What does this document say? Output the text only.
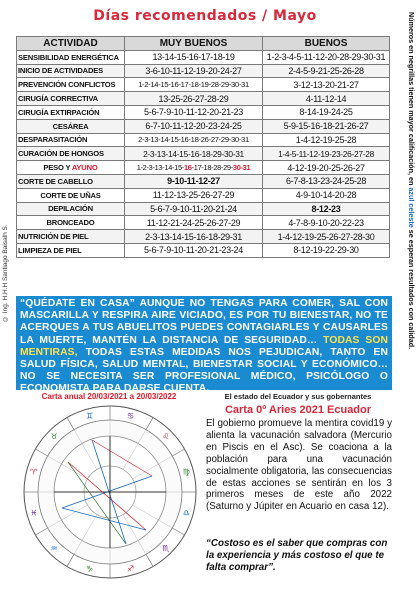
Días recomendados / Mayo
© Ing. H.H.H Santiago Baisalh S.
Números en negrillas tienen mayor calificación, en azul celeste se esperan resultados con calidad.
ACTIVIDAD	MUY BUENOS	BUENOS
SENSIBILIDAD ENERGÉTICA	13-14-15-16-17-18-19	1-2-3-4-5-11-12-20-28-29-30-31
INICIO DE ACTIVIDADES	3-6-10-11-12-19-20-24-27	2-4-5-9-21-25-26-28
PREVENCIÓN CONFLICTOS	1-2-14-15-16-17-18-19-28-29-30-31	3-12-13-20-21-27
CIRUGÍA CORRECTIVA	13-25-26-27-28-29	4-11-12-14
CIRUGÍA EXTIRPACIÓN	5-6-7-9-10-11-12-20-21-23	8-14-19-24-25
CESÁREA	6-7-10-11-12-20-23-24-25	5-9-15-16-18-21-26-27
DESPARASITACIÓN	2-3-13-14-15-16-18-26-27-29-30-31	1-4-12-19-25-28
CURACIÓN DE HONGOS	2-3-13-14-15-16-18-29-30-31	1-4-5-11-12-19-23-26-27-28
PESO Y AYUNO	1-2-3-13-14-15-16-17-18-28-29-30-31	4-12-19-20-25-26-27
CORTE DE CABELLO	9-10-11-12-27	6-7-8-13-23-24-25-28
CORTE DE UÑAS	11-12-13-25-26-27-29	4-9-10-14-20-28
DEPILACIÓN	5-6-7-9-10-11-20-21-24	8-12-23
BRONCEADO	11-12-21-24-25-26-27-29	4-7-8-9-10-20-22-23
NUTRICIÓN DE PIEL	2-3-13-14-15-16-18-29-31	1-4-12-19-25-26-27-28-30
LIMPIEZA DE PIEL	5-6-7-9-10-11-20-21-23-24	8-12-19-22-29-30
“QUÉDATE EN CASA” AUNQUE NO TENGAS PARA COMER, SAL CON MASCARILLA Y RESPIRA AIRE VICIADO, ES POR TU BIENESTAR, NO TE ACERQUES A TUS ABUELITOS PUEDES CONTAGIARLES Y CAUSARLES LA MUERTE, MANTÉN LA DISTANCIA DE SEGURIDAD… TODAS SON MENTIRAS, TODAS ESTAS MEDIDAS NOS PEJUDICAN, TANTO EN SALUD FÍSICA, SALUD MENTAL, BIENESTAR SOCIAL Y ECONÓMICO… NO SE NECESITA SER PROFESIONAL MÉDICO, PSICÓLOGO O ECONOMISTA PARA DARSE CUENTA.
Carta anual 20/03/2021 a 20/03/2022
♈
♉
♊	♋
♌
♍
♎
♏
♐
♑
♒
♓
El estado del Ecuador y sus gobernantes
Carta 0º Aries 2021 Ecuador
El gobierno promueve la mentira covid19 y alienta la vacunación salvadora (Mercurio en Piscis en el Asc). Se coaciona a la población para una vacunación socialmente obligatoria, las consecuencias de estas acciones se sentirán en los 3 primeros meses de este año 2022 (Saturno y Júpiter en Acuario en casa 12).
“Costoso es el saber que compras con la experiencia y más costoso el que te falta comprar”.
